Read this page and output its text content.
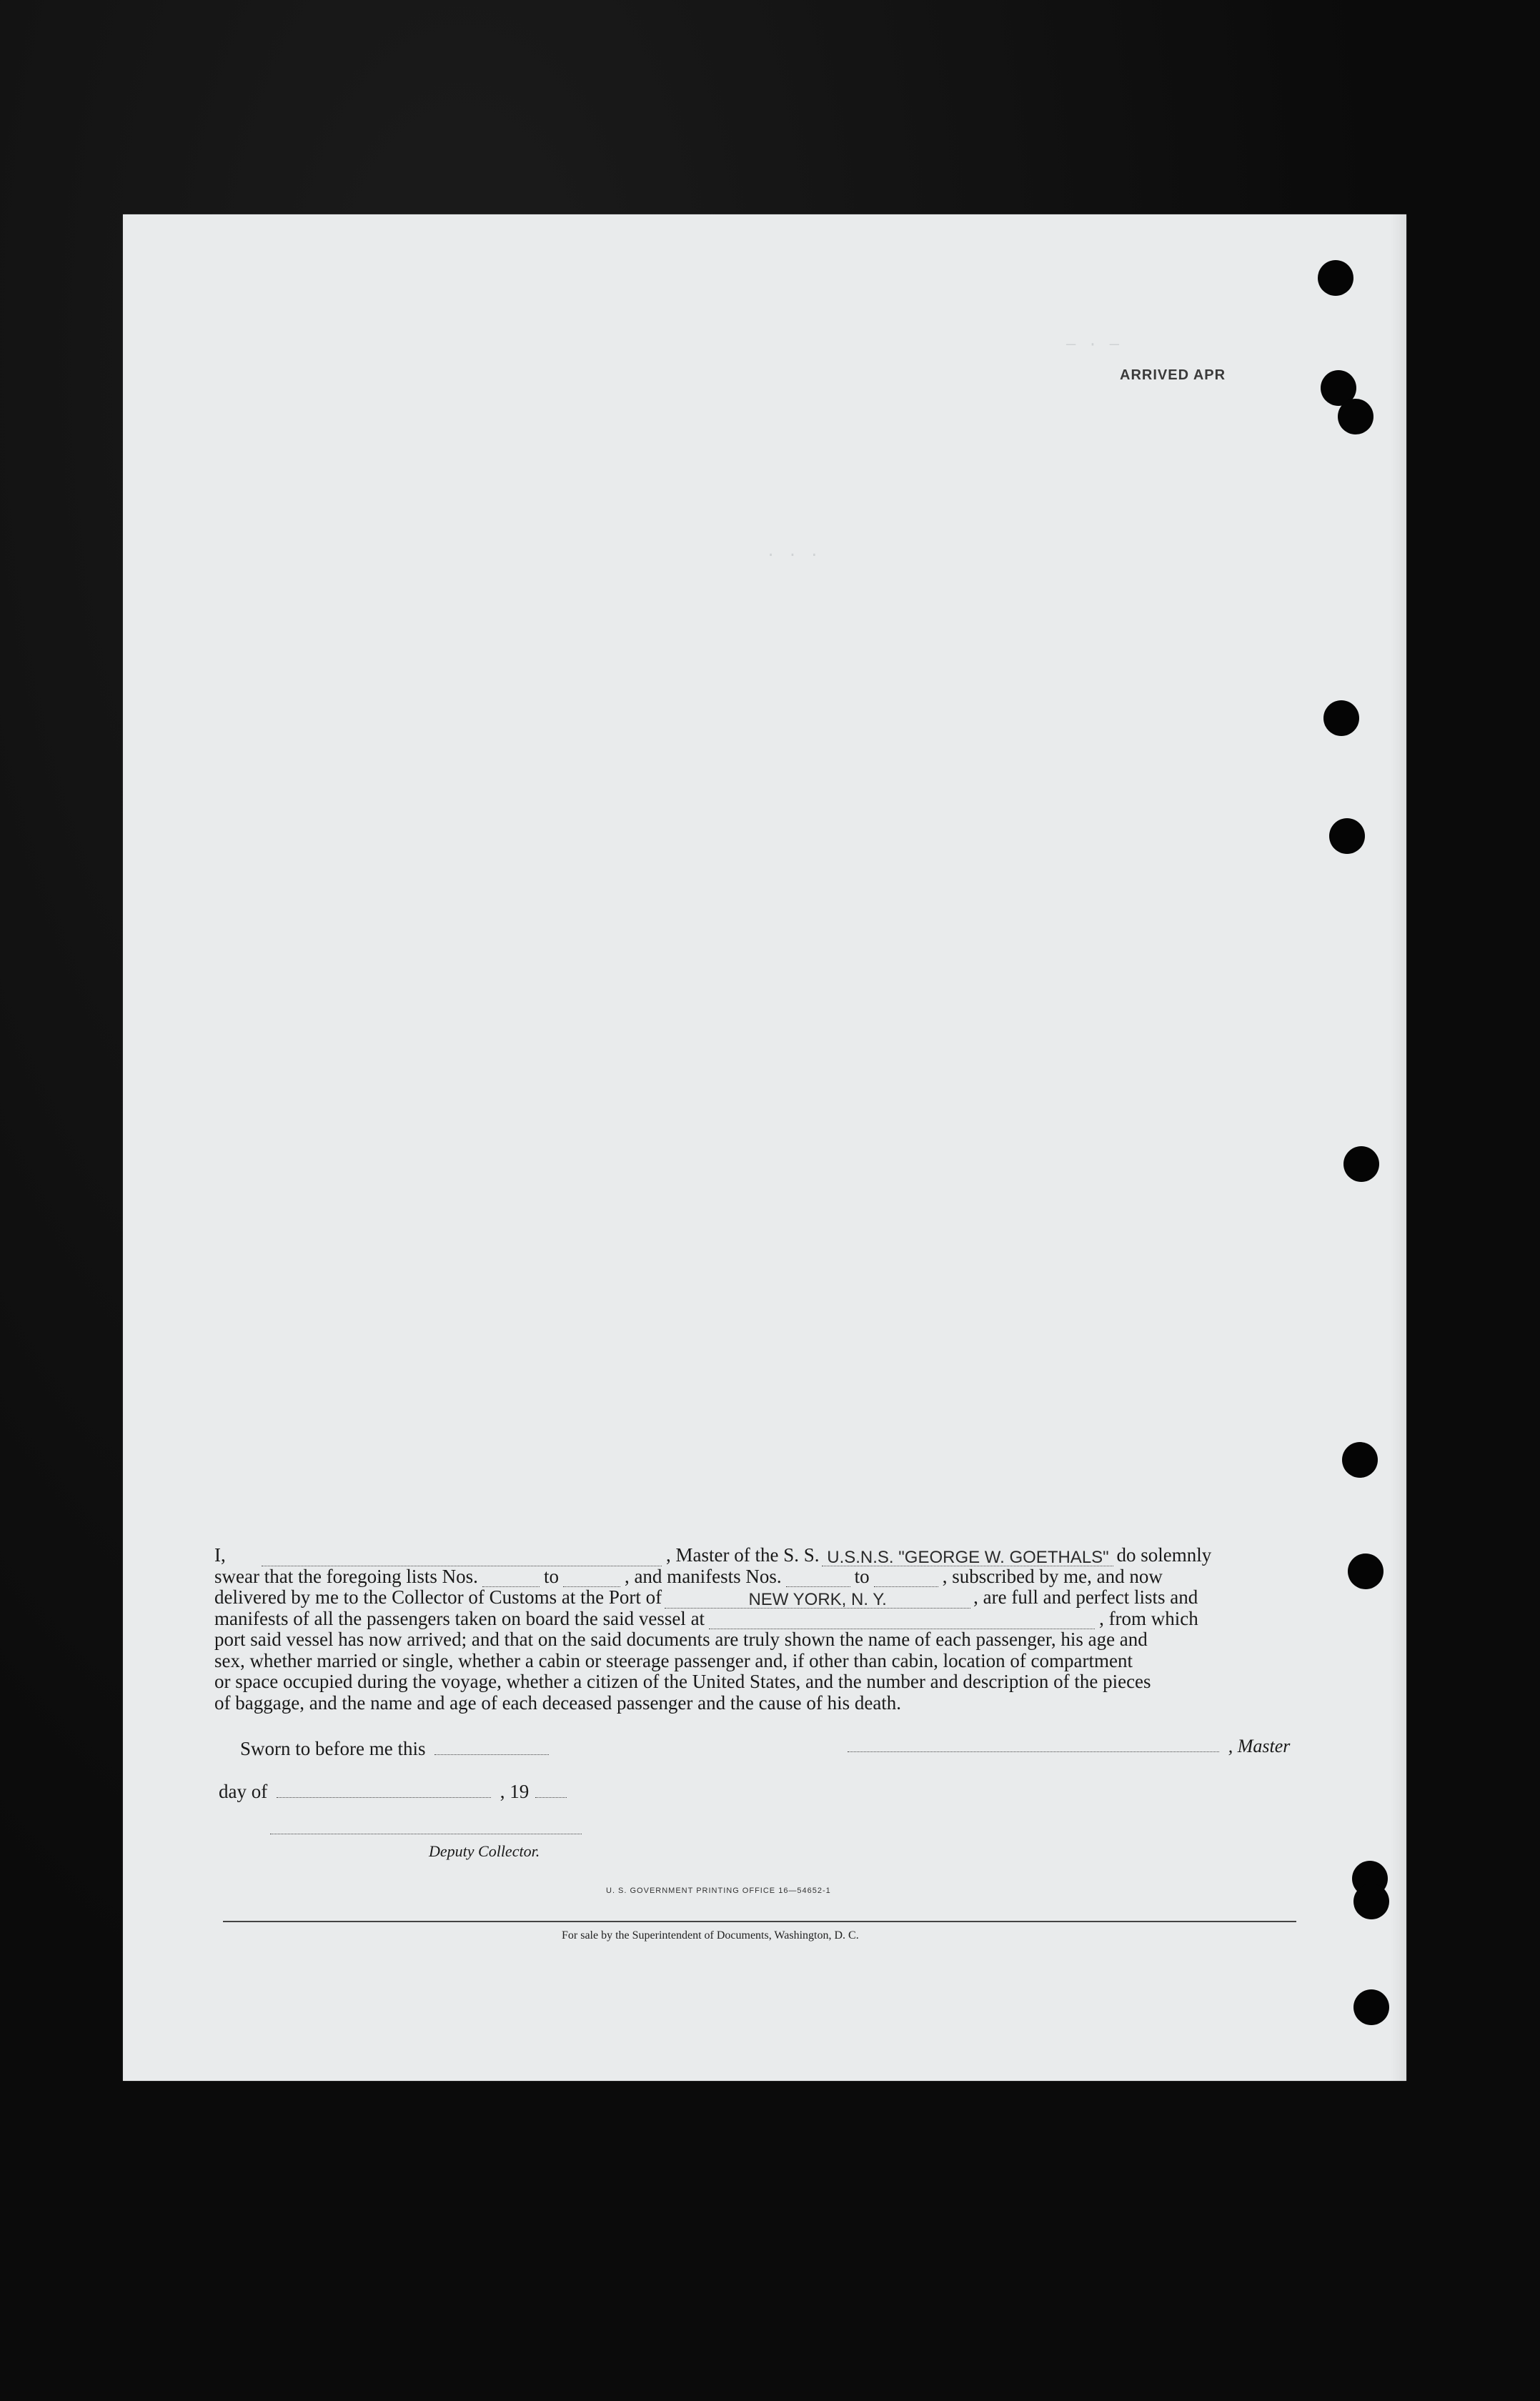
— · —
. . .
ARRIVED APR
I,	, Master of the S. S. U.S.N.S. "GEORGE W. GOETHALS" do solemnly
swear that the foregoing lists Nos.	to	, and manifests Nos.	to	, subscribed by me, and now
delivered by me to the Collector of Customs at the Port of	NEW YORK, N. Y.	, are full and perfect lists and
manifests of all the passengers taken on board the said vessel at	, from which
port said vessel has now arrived; and that on the said documents are truly shown the name of each passenger, his age and
sex, whether married or single, whether a cabin or steerage passenger and, if other than cabin, location of compartment
or space occupied during the voyage, whether a citizen of the United States, and the number and description of the pieces
of baggage, and the name and age of each deceased passenger and the cause of his death.
Sworn to before me this	, Master
day of	, 19
Deputy Collector.
U. S. GOVERNMENT PRINTING OFFICE 16—54652-1
For sale by the Superintendent of Documents, Washington, D. C.
